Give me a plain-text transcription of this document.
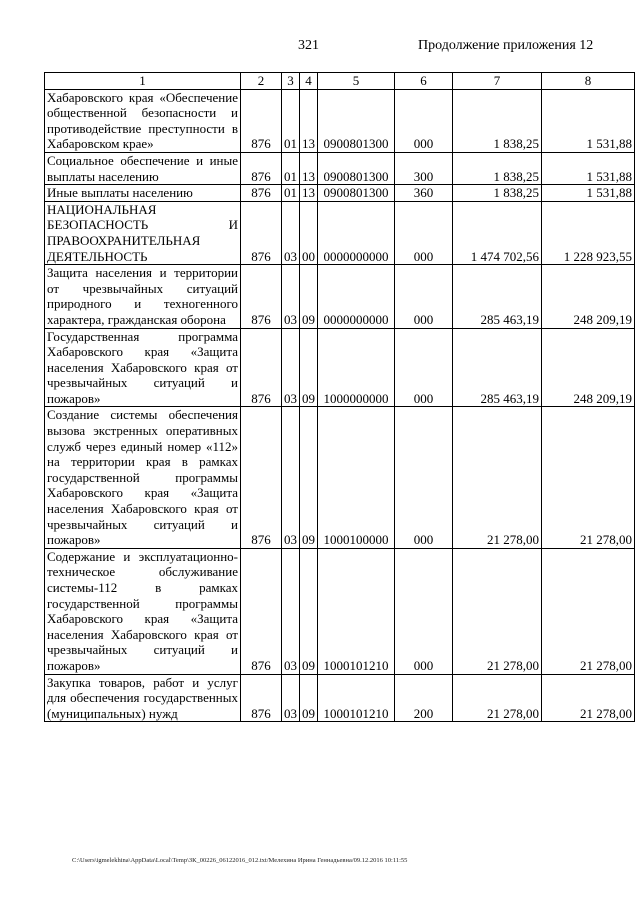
321	Продолжение приложения 12
1	2	3	4	5	6	7	8
Хабаровского края «Обеспечение общественной безопасности и противодействие преступности в Хабаровском крае»	876	01	13	0900801300	000	1 838,25	1 531,88
Социальное обеспечение и иные выплаты населению	876	01	13	0900801300	300	1 838,25	1 531,88
Иные выплаты населению	876	01	13	0900801300	360	1 838,25	1 531,88
НАЦИОНАЛЬНАЯ БЕЗОПАСНОСТЬ И ПРАВООХРАНИТЕЛЬНАЯ ДЕЯТЕЛЬНОСТЬ	876	03	00	0000000000	000	1 474 702,56	1 228 923,55
Защита населения и территории от чрезвычайных ситуаций природного и техногенного характера, гражданская оборона	876	03	09	0000000000	000	285 463,19	248 209,19
Государственная программа Хабаровского края «Защита населения Хабаровского края от чрезвычайных ситуаций и пожаров»	876	03	09	1000000000	000	285 463,19	248 209,19
Создание системы обеспечения вызова экстренных оперативных служб через единый номер «112» на территории края в рамках государственной программы Хабаровского края «Защита населения Хабаровского края от чрезвычайных ситуаций и пожаров»	876	03	09	1000100000	000	21 278,00	21 278,00
Содержание и эксплуатационно-техническое обслуживание системы-112 в рамках государственной программы Хабаровского края «Защита населения Хабаровского края от чрезвычайных ситуаций и пожаров»	876	03	09	1000101210	000	21 278,00	21 278,00
Закупка товаров, работ и услуг для обеспечения государственных (муниципальных) нужд	876	03	09	1000101210	200	21 278,00	21 278,00
C:\Users\igmelekhina\AppData\Local\Temp\ЗК_00226_06122016_012.txt/Мелехина Ирина Геннадьевна/09.12.2016 10:11:55
